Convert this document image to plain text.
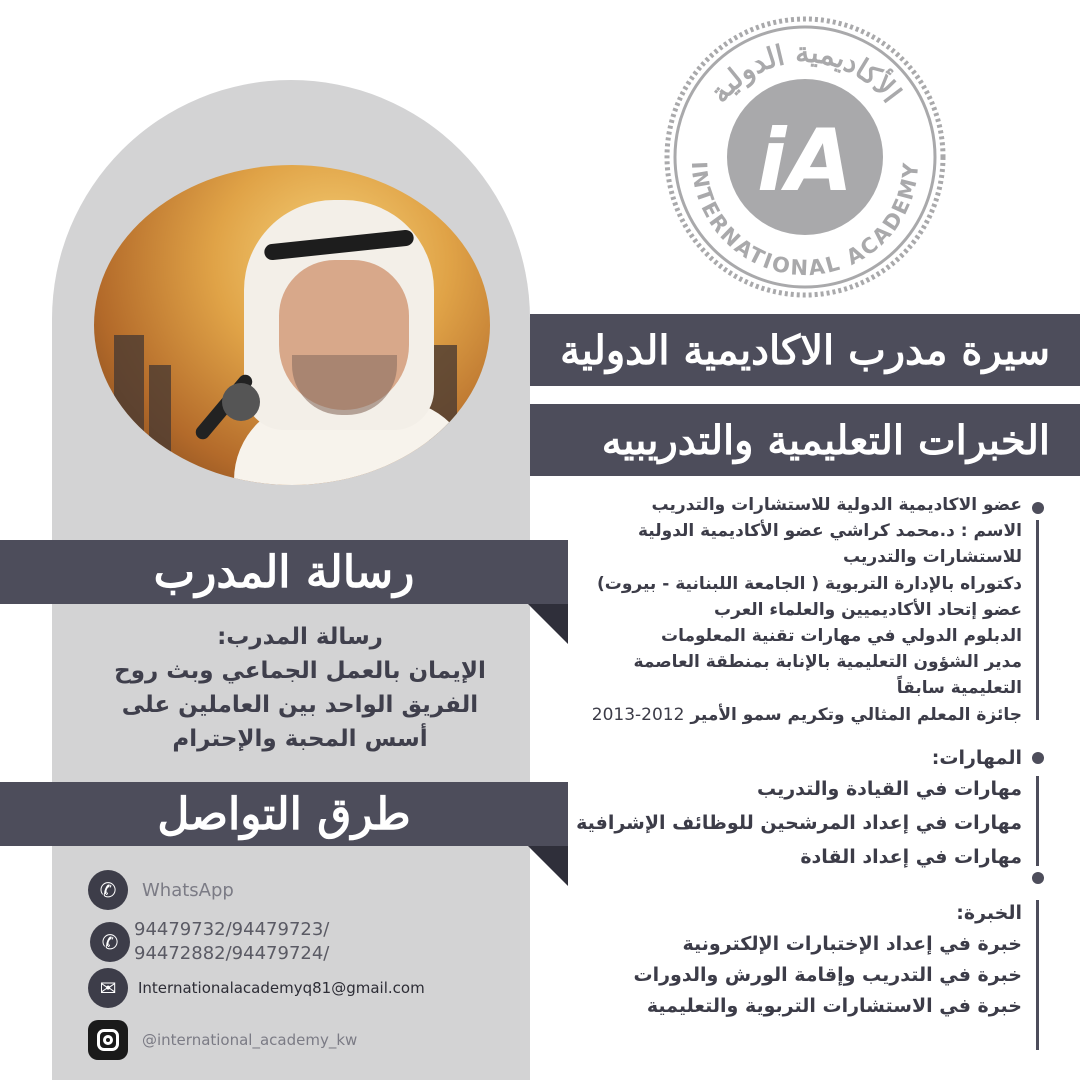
الأكاديمية الدولية
INTERNATIONAL ACADEMY
iA
سيرة مدرب الاكاديمية الدولية
الخبرات التعليمية والتدريبيه
رسالة المدرب
رسالة المدرب:
الإيمان بالعمل الجماعي وبث روح
الفريق الواحد بين العاملين على
أسس المحبة والإحترام
طرق التواصل
✆	WhatsApp
✆
94479732/94479723/
94472882/94479724/
✉	Internationalacademyq81@gmail.com
@international_academy_kw
عضو الاكاديمية الدولية للاستشارات والتدريب
الاسم : د.محمد كراشي عضو الأكاديمية الدولية
للاستشارات والتدريب
دكتوراه بالإدارة التربوية ( الجامعة اللبنانية - بيروت)
عضو إتحاد الأكاديميين والعلماء العرب
الدبلوم الدولي في مهارات تقنية المعلومات
مدير الشؤون التعليمية بالإنابة بمنطقة العاصمة
التعليمية سابقاً
جائزة المعلم المثالي وتكريم سمو الأمير 2012-2013
المهارات:
مهارات في القيادة والتدريب
مهارات في إعداد المرشحين للوظائف الإشرافية
مهارات في إعداد القادة
الخبرة:
خبرة في إعداد الإختبارات الإلكترونية
خبرة في التدريب وإقامة الورش والدورات
خبرة في الاستشارات التربوية والتعليمية
